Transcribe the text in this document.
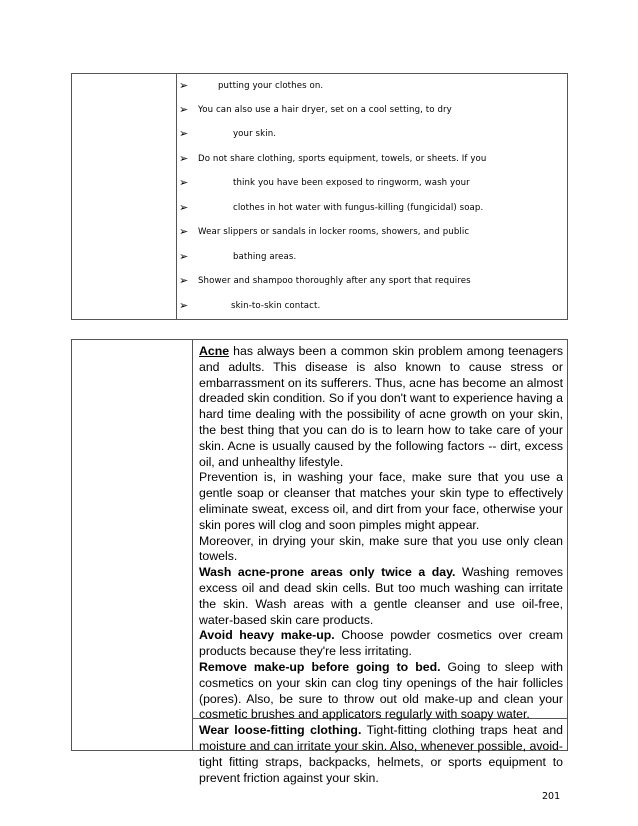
➢	putting your clothes on.
➢ You can also use a hair dryer, set on a cool setting, to dry
➢	your skin.
➢ Do not share clothing, sports equipment, towels, or sheets. If you
➢	think you have been exposed to ringworm, wash your
➢	clothes in hot water with fungus-killing (fungicidal) soap.
➢ Wear slippers or sandals in locker rooms, showers, and public
➢	bathing areas.
➢ Shower and shampoo thoroughly after any sport that requires
➢	skin-to-skin contact.

Acne has always been a common skin problem among teenagers and adults. This disease is also known to cause stress or embarrassment on its sufferers. Thus, acne has become an almost dreaded skin condition. So if you don't want to experience having a hard time dealing with the possibility of acne growth on your skin, the best thing that you can do is to learn how to take care of your skin. Acne is usually caused by the following factors -- dirt, excess oil, and unhealthy lifestyle.

Prevention is, in washing your face, make sure that you use a gentle soap or cleanser that matches your skin type to effectively eliminate sweat, excess oil, and dirt from your face, otherwise your skin pores will clog and soon pimples might appear.

Moreover, in drying your skin, make sure that you use only clean towels.

Wash acne-prone areas only twice a day. Washing removes excess oil and dead skin cells. But too much washing can irritate the skin. Wash areas with a gentle cleanser and use oil-free, water-based skin care products.

Avoid heavy make-up. Choose powder cosmetics over cream products because they're less irritating.

Remove make-up before going to bed. Going to sleep with cosmetics on your skin can clog tiny openings of the hair follicles (pores). Also, be sure to throw out old make-up and clean your cosmetic brushes and applicators regularly with soapy water.

Wear loose-fitting clothing. Tight-fitting clothing traps heat and moisture and can irritate your skin. Also, whenever possible, avoid-tight fitting straps, backpacks, helmets, or sports equipment to prevent friction against your skin.

201
